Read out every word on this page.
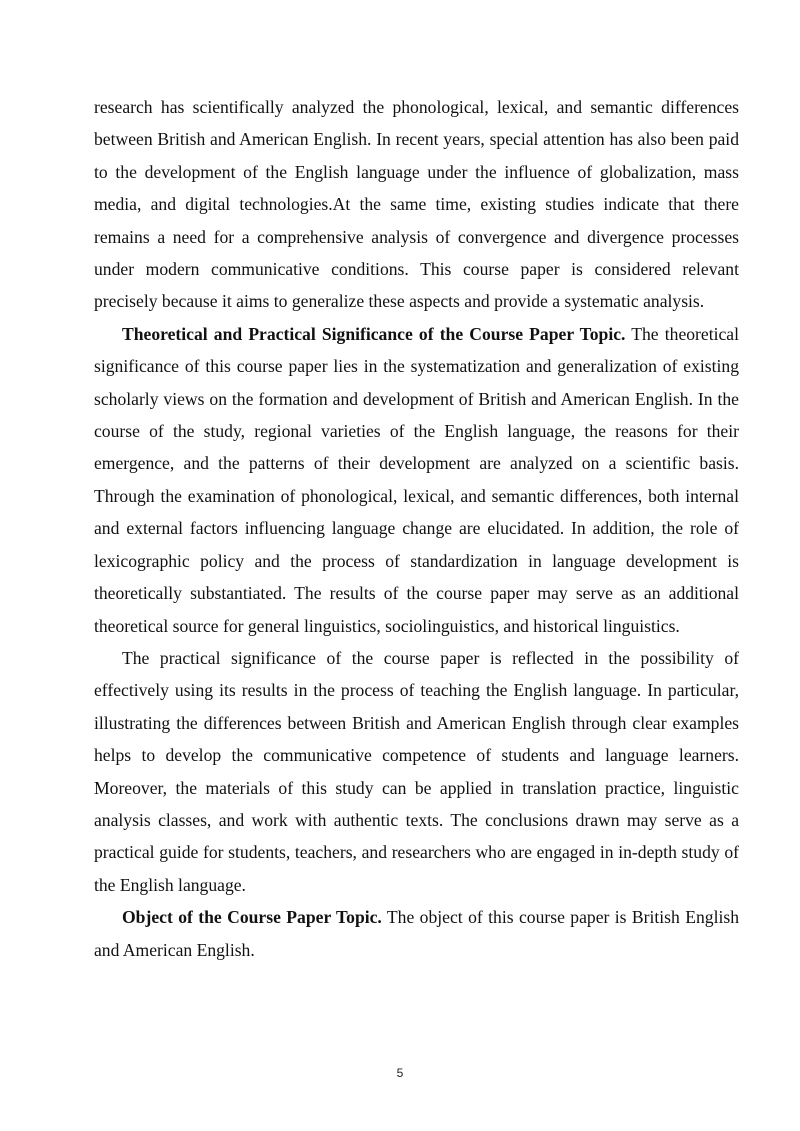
research has scientifically analyzed the phonological, lexical, and semantic differences between British and American English. In recent years, special attention has also been paid to the development of the English language under the influence of globalization, mass media, and digital technologies.At the same time, existing studies indicate that there remains a need for a comprehensive analysis of convergence and divergence processes under modern communicative conditions. This course paper is considered relevant precisely because it aims to generalize these aspects and provide a systematic analysis.

Theoretical and Practical Significance of the Course Paper Topic. The theoretical significance of this course paper lies in the systematization and generalization of existing scholarly views on the formation and development of British and American English. In the course of the study, regional varieties of the English language, the reasons for their emergence, and the patterns of their development are analyzed on a scientific basis. Through the examination of phonological, lexical, and semantic differences, both internal and external factors influencing language change are elucidated. In addition, the role of lexicographic policy and the process of standardization in language development is theoretically substantiated. The results of the course paper may serve as an additional theoretical source for general linguistics, sociolinguistics, and historical linguistics.

The practical significance of the course paper is reflected in the possibility of effectively using its results in the process of teaching the English language. In particular, illustrating the differences between British and American English through clear examples helps to develop the communicative competence of students and language learners. Moreover, the materials of this study can be applied in translation practice, linguistic analysis classes, and work with authentic texts. The conclusions drawn may serve as a practical guide for students, teachers, and researchers who are engaged in in-depth study of the English language.

Object of the Course Paper Topic. The object of this course paper is British English and American English.

5
